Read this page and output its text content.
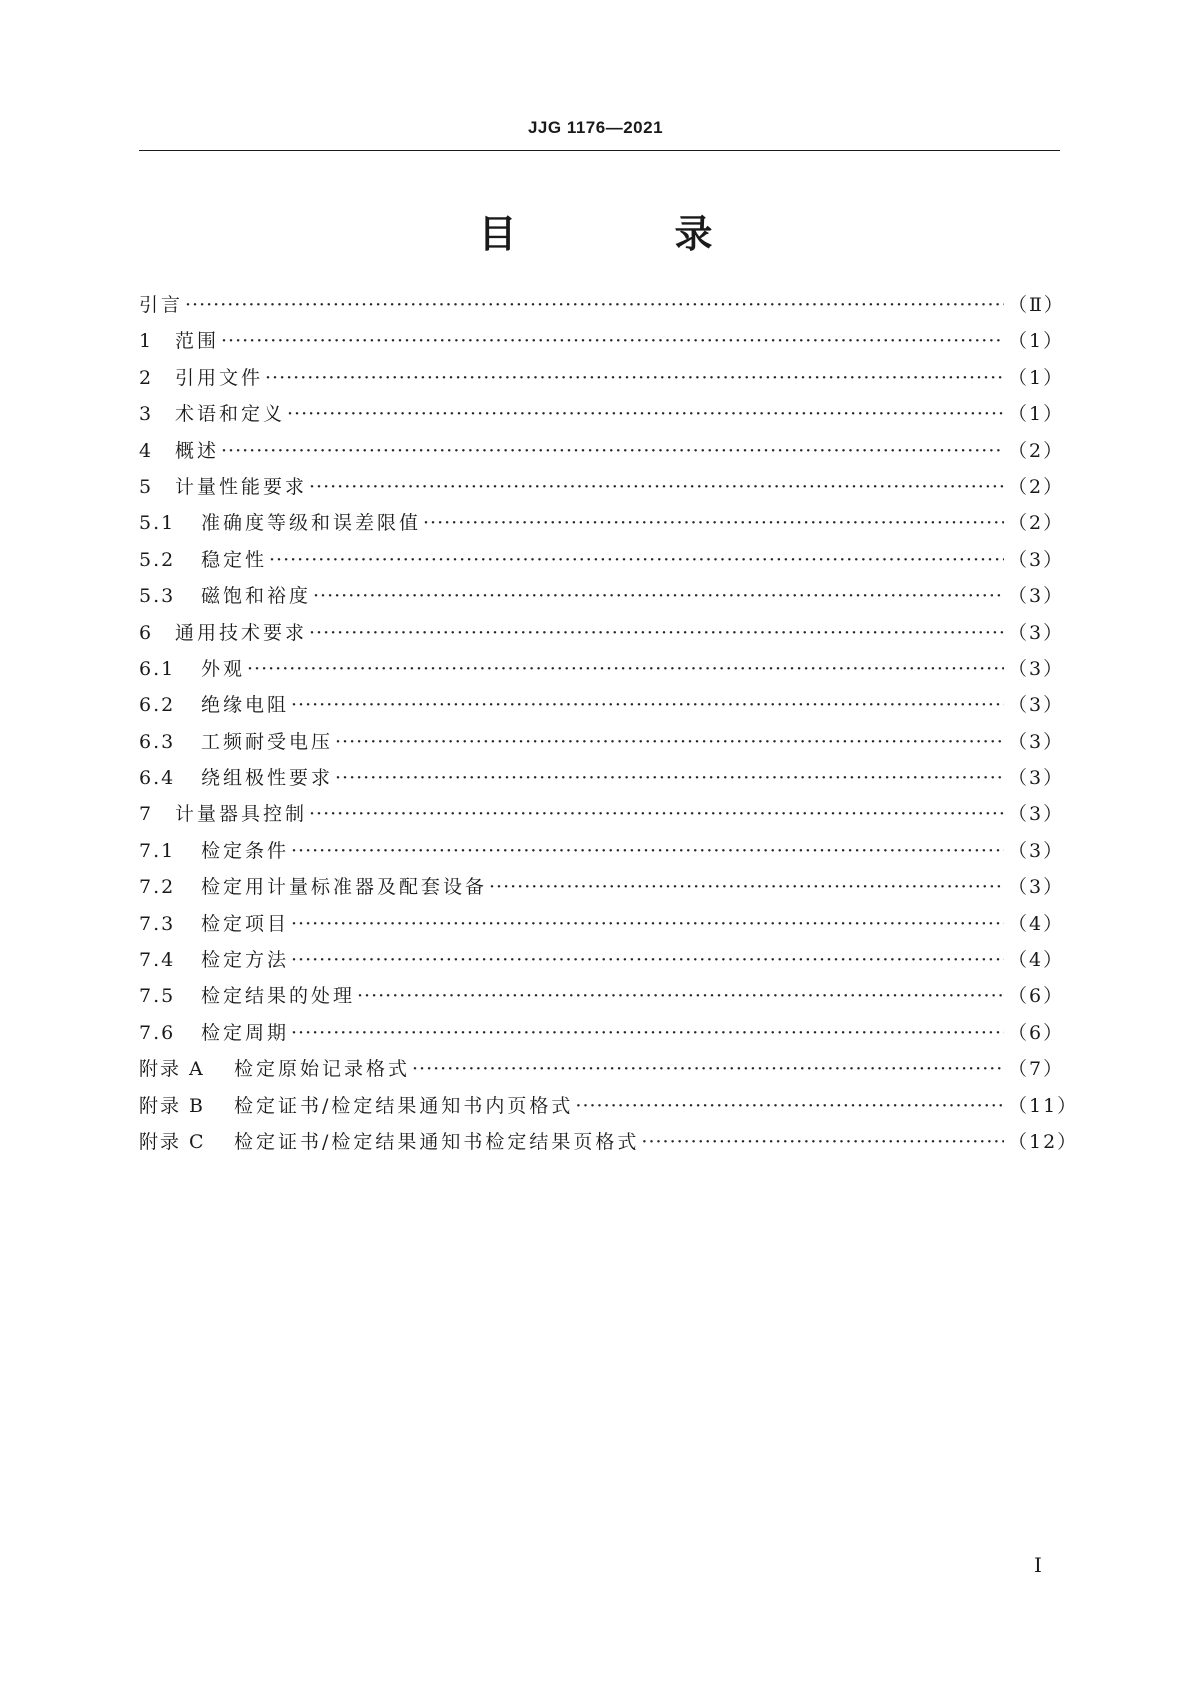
JJG 1176—2021
目　录
引言 ·····	（Ⅱ）
1	范围 ·····	（1）
2	引用文件 ·····	（1）
3	术语和定义 ·····	（1）
4	概述 ·····	（2）
5	计量性能要求 ·····	（2）
5.1	准确度等级和误差限值 ·····	（2）
5.2	稳定性 ·····	（3）
5.3	磁饱和裕度 ·····	（3）
6	通用技术要求 ·····	（3）
6.1	外观 ·····	（3）
6.2	绝缘电阻 ·····	（3）
6.3	工频耐受电压 ·····	（3）
6.4	绕组极性要求 ·····	（3）
7	计量器具控制 ·····	（3）
7.1	检定条件 ·····	（3）
7.2	检定用计量标准器及配套设备 ·····	（3）
7.3	检定项目 ·····	（4）
7.4	检定方法 ·····	（4）
7.5	检定结果的处理 ·····	（6）
7.6	检定周期 ·····	（6）
附录 A	检定原始记录格式 ·····	（7）
附录 B	检定证书/检定结果通知书内页格式 ·····	（11）
附录 C	检定证书/检定结果通知书检定结果页格式 ·····	（12）
Ⅰ
